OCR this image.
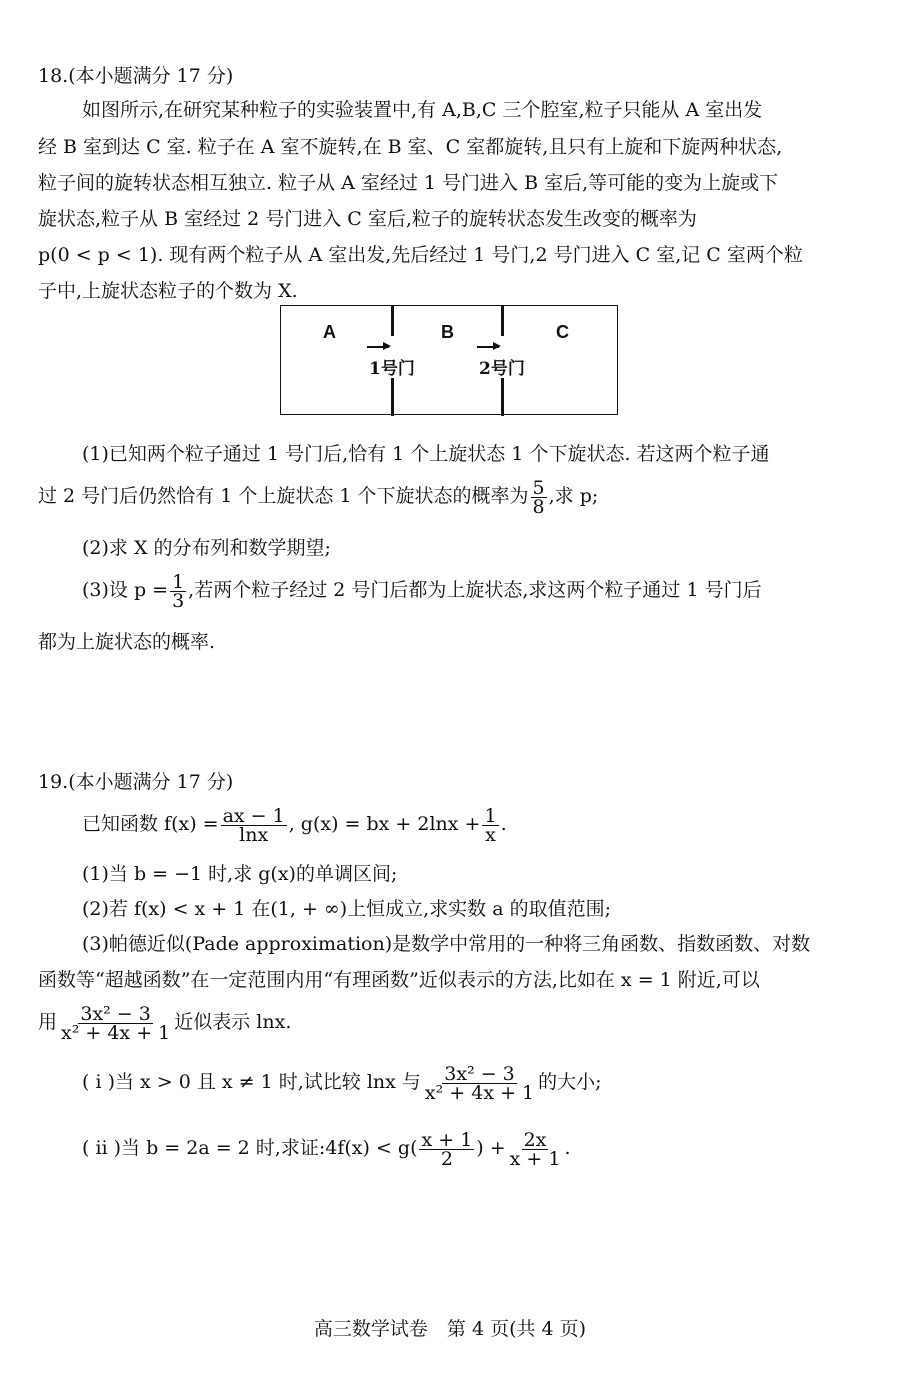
18.(本小题满分 17 分)
如图所示,在研究某种粒子的实验装置中,有 A,B,C 三个腔室,粒子只能从 A 室出发
经 B 室到达 C 室. 粒子在 A 室不旋转,在 B 室、C 室都旋转,且只有上旋和下旋两种状态,
粒子间的旋转状态相互独立. 粒子从 A 室经过 1 号门进入 B 室后,等可能的变为上旋或下
旋状态,粒子从 B 室经过 2 号门进入 C 室后,粒子的旋转状态发生改变的概率为
p(0 < p < 1). 现有两个粒子从 A 室出发,先后经过 1 号门,2 号门进入 C 室,记 C 室两个粒
子中,上旋状态粒子的个数为 X.
A	B	C
1号门	2号门
(1)已知两个粒子通过 1 号门后,恰有 1 个上旋状态 1 个下旋状态. 若这两个粒子通
过 2 号门后仍然恰有 1 个上旋状态 1 个下旋状态的概率为 $\frac{5}{8}$ ,求 p;
(2)求 X 的分布列和数学期望;
(3)设 $p = \frac{1}{3}$ ,若两个粒子经过 2 号门后都为上旋状态,求这两个粒子通过 1 号门后
都为上旋状态的概率.
19.(本小题满分 17 分)
已知函数 $f(x) = \frac{ax - 1}{\ln x}$ , g(x) = bx + $2\ln x + \frac{1}{x}$ .
(1)当 b = −1 时,求 g(x)的单调区间;
(2)若 f(x) < x + 1 在(1, + ∞)上恒成立,求实数 a 的取值范围;
(3)帕德近似(Pade approximation)是数学中常用的一种将三角函数、指数函数、对数
函数等“超越函数”在一定范围内用“有理函数”近似表示的方法,比如在 x = 1 附近,可以
用 $\frac{\text{3x² − 3}}{\text{x² + 4x + 1}}$ 近似表示 lnx.
( ⅰ )当 x > 0 且 x ≠ 1 时,试比较 lnx 与 $\frac{\text{3x² − 3}}{\text{x² + 4x + 1}}$ 的大小;
( ⅱ )当 b = 2a = 2 时,求证:4f(x) < $g( \frac{x + 1}{2}$ ) + $\frac{2x}{x + 1}$ .
高三数学试卷　第 4 页(共 4 页)
